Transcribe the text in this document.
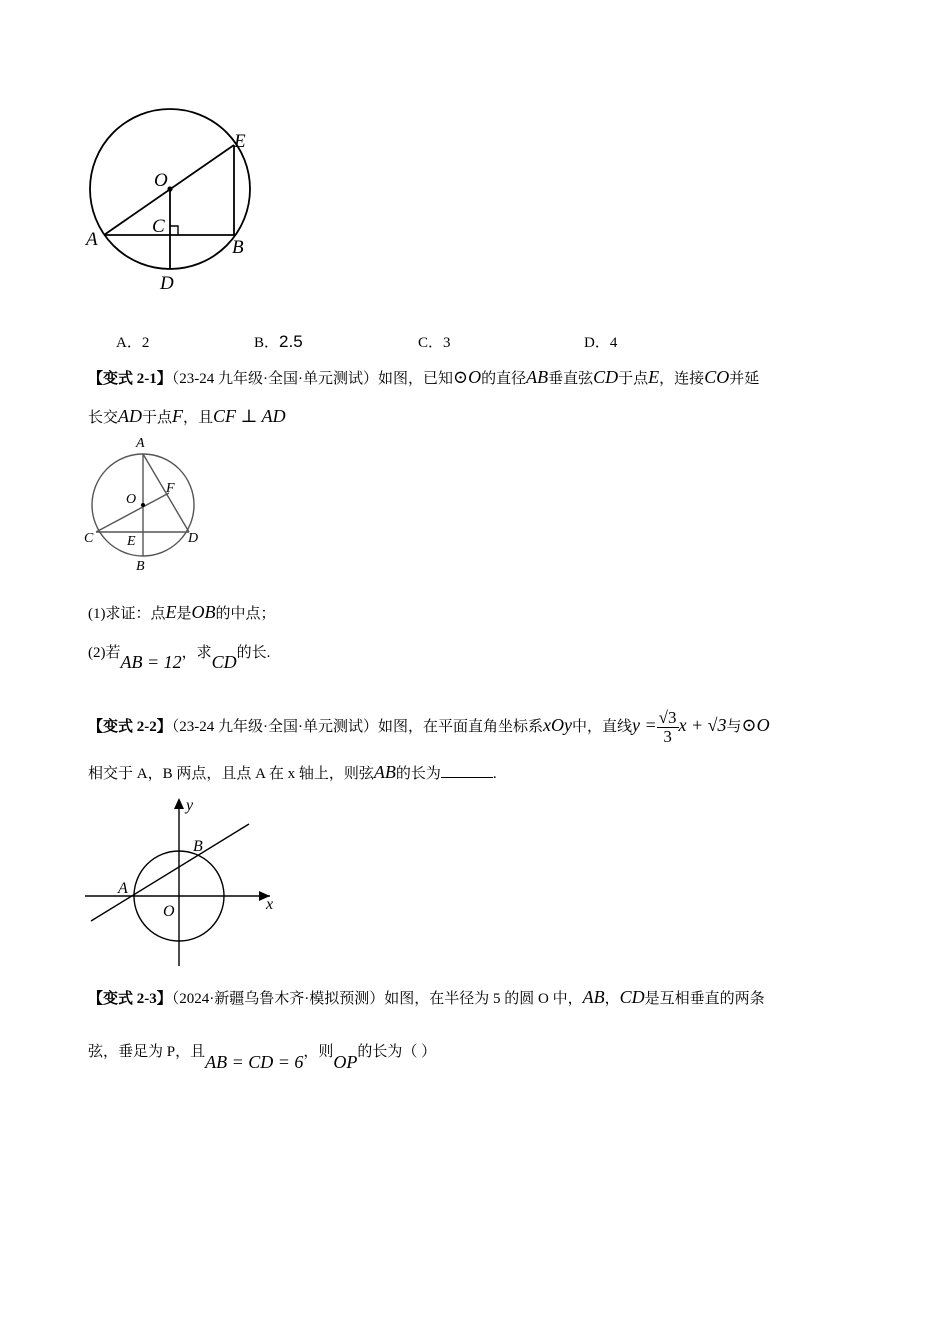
A	B
C
D
E
O
A．2	B．2.5	C．3	D．4
【变式 2-1】（23-24 九年级·全国·单元测试）如图，已知⊙O的直径AB垂直弦CD于点E，连接CO并延
长交AD于点F，且CF ⊥ AD
A
B
C	D
E
F
O
(1)求证：点E是OB的中点；
(2)若AB = 12，求CD的长.
【变式 2-2】（23-24 九年级·全国·单元测试）如图，在平面直角坐标系xOy中，直线$y = \frac{√3}{3}$ x + √3与⊙O
相交于 A，B 两点，且点 A 在 x 轴上，则弦AB的长为	.
A
B
O	x
y
【变式 2-3】（2024·新疆乌鲁木齐·模拟预测）如图，在半径为 5 的圆 O 中，AB，CD是互相垂直的两条
弦，垂足为 P，且AB = CD = 6，则OP的长为（ ）
